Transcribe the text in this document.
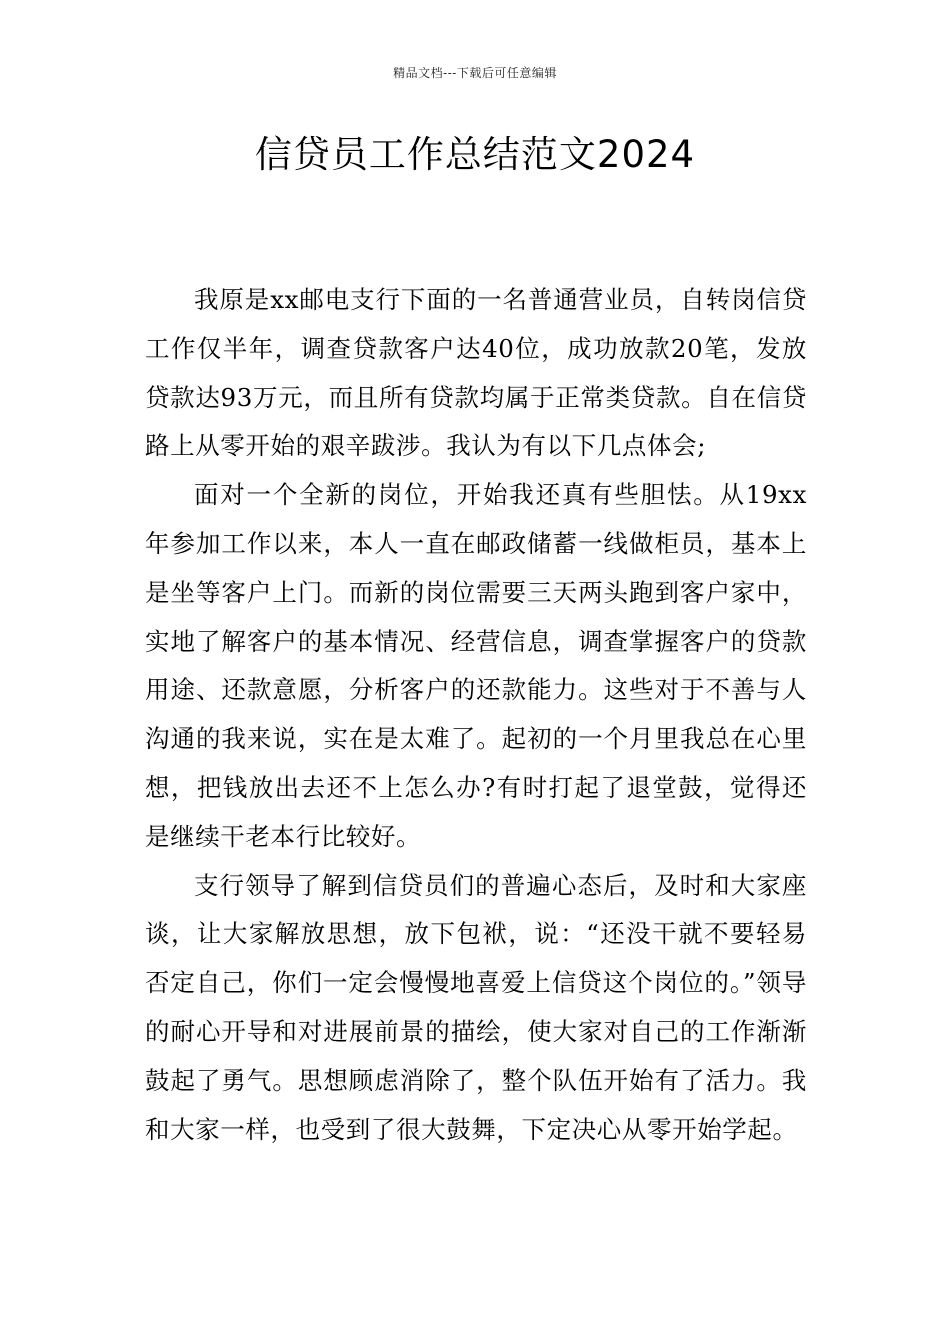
精品文档---下载后可任意编辑
信贷员工作总结范文2024

我原是xx邮电支行下面的一名普通营业员，自转岗信贷工作仅半年，调查贷款客户达40位，成功放款20笔，发放贷款达93万元，而且所有贷款均属于正常类贷款。自在信贷路上从零开始的艰辛跋涉。我认为有以下几点体会;

面对一个全新的岗位，开始我还真有些胆怯。从19xx年参加工作以来，本人一直在邮政储蓄一线做柜员，基本上是坐等客户上门。而新的岗位需要三天两头跑到客户家中，实地了解客户的基本情况、经营信息，调查掌握客户的贷款用途、还款意愿，分析客户的还款能力。这些对于不善与人沟通的我来说，实在是太难了。起初的一个月里我总在心里想，把钱放出去还不上怎么办?有时打起了退堂鼓，觉得还是继续干老本行比较好。

支行领导了解到信贷员们的普遍心态后，及时和大家座谈，让大家解放思想，放下包袱，说：“还没干就不要轻易否定自己，你们一定会慢慢地喜爱上信贷这个岗位的。”领导的耐心开导和对进展前景的描绘，使大家对自己的工作渐渐鼓起了勇气。思想顾虑消除了，整个队伍开始有了活力。我和大家一样，也受到了很大鼓舞，下定决心从零开始学起。
